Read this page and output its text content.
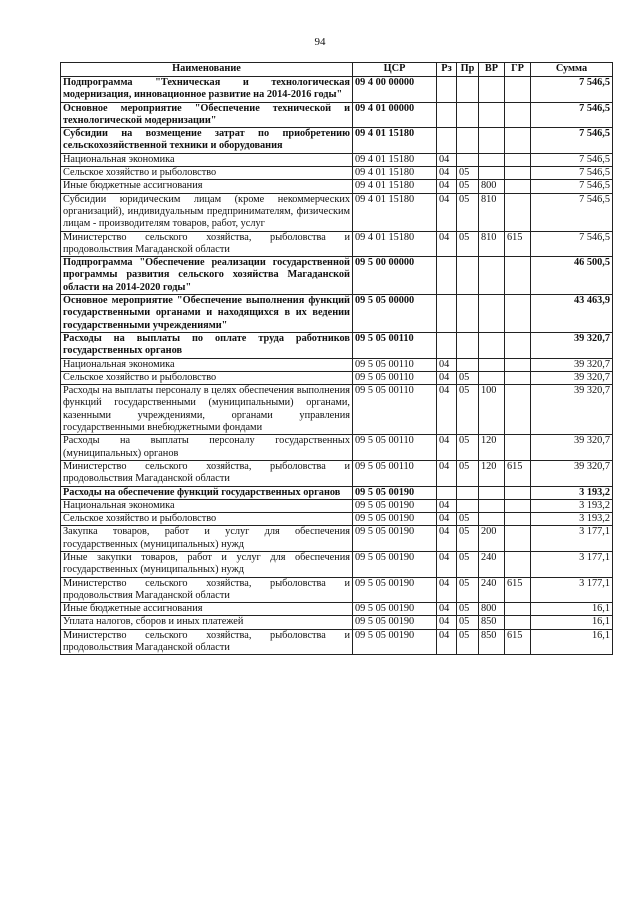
94
Наименование	ЦСР	Рз	Пр	ВР	ГР	Сумма
Подпрограмма "Техническая и технологическая модернизация, инновационное развитие на 2014-2016 годы"	09 4 00 00000					7 546,5
Основное мероприятие "Обеспечение технической и технологической модернизации"	09 4 01 00000					7 546,5
Субсидии на возмещение затрат по приобретению сельскохозяйственной техники и оборудования	09 4 01 15180					7 546,5
Национальная экономика	09 4 01 15180	04				7 546,5
Сельское хозяйство и рыболовство	09 4 01 15180	04	05			7 546,5
Иные бюджетные ассигнования	09 4 01 15180	04	05	800		7 546,5
Субсидии юридическим лицам (кроме некоммерческих организаций), индивидуальным предпринимателям, физическим лицам - производителям товаров, работ, услуг	09 4 01 15180	04	05	810		7 546,5
Министерство сельского хозяйства, рыболовства и продовольствия Магаданской области	09 4 01 15180	04	05	810	615	7 546,5
Подпрограмма "Обеспечение реализации государственной программы развития сельского хозяйства Магаданской области на 2014-2020 годы"	09 5 00 00000					46 500,5
Основное мероприятие "Обеспечение выполнения функций государственными органами и находящихся в их ведении государственными учреждениями"	09 5 05 00000					43 463,9
Расходы на выплаты по оплате труда работников государственных органов	09 5 05 00110					39 320,7
Национальная экономика	09 5 05 00110	04				39 320,7
Сельское хозяйство и рыболовство	09 5 05 00110	04	05			39 320,7
Расходы на выплаты персоналу в целях обеспечения выполнения функций государственными (муниципальными) органами, казенными учреждениями, органами управления государственными внебюджетными фондами	09 5 05 00110	04	05	100		39 320,7
Расходы на выплаты персоналу государственных (муниципальных) органов	09 5 05 00110	04	05	120		39 320,7
Министерство сельского хозяйства, рыболовства и продовольствия Магаданской области	09 5 05 00110	04	05	120	615	39 320,7
Расходы на обеспечение функций государственных органов	09 5 05 00190					3 193,2
Национальная экономика	09 5 05 00190	04				3 193,2
Сельское хозяйство и рыболовство	09 5 05 00190	04	05			3 193,2
Закупка товаров, работ и услуг для обеспечения государственных (муниципальных) нужд	09 5 05 00190	04	05	200		3 177,1
Иные закупки товаров, работ и услуг для обеспечения государственных (муниципальных) нужд	09 5 05 00190	04	05	240		3 177,1
Министерство сельского хозяйства, рыболовства и продовольствия Магаданской области	09 5 05 00190	04	05	240	615	3 177,1
Иные бюджетные ассигнования	09 5 05 00190	04	05	800		16,1
Уплата налогов, сборов и иных платежей	09 5 05 00190	04	05	850		16,1
Министерство сельского хозяйства, рыболовства и продовольствия Магаданской области	09 5 05 00190	04	05	850	615	16,1
